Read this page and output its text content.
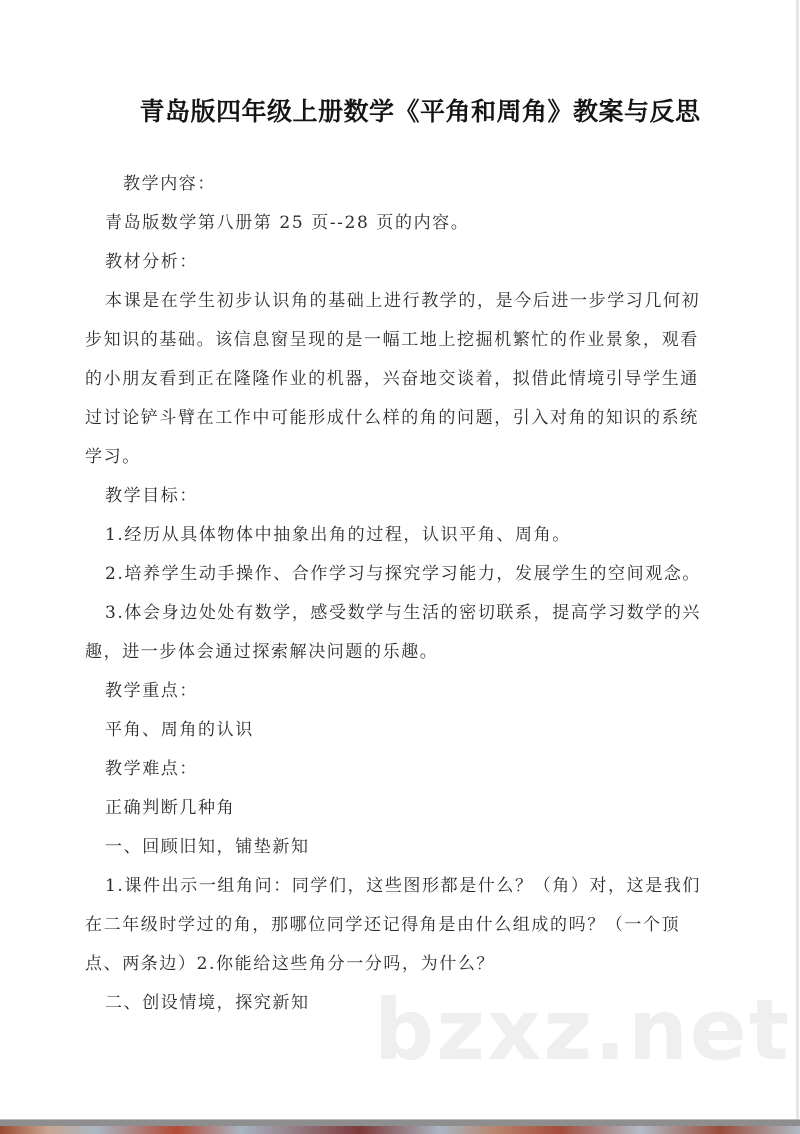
青岛版四年级上册数学《平角和周角》教案与反思
教学内容：
青岛版数学第八册第 25 页--28 页的内容。
教材分析：
本课是在学生初步认识角的基础上进行教学的，是今后进一步学习几何初
步知识的基础。该信息窗呈现的是一幅工地上挖掘机繁忙的作业景象，观看
的小朋友看到正在隆隆作业的机器，兴奋地交谈着，拟借此情境引导学生通
过讨论铲斗臂在工作中可能形成什么样的角的问题，引入对角的知识的系统
学习。
教学目标：
1.经历从具体物体中抽象出角的过程，认识平角、周角。
2.培养学生动手操作、合作学习与探究学习能力，发展学生的空间观念。
3.体会身边处处有数学，感受数学与生活的密切联系，提高学习数学的兴
趣，进一步体会通过探索解决问题的乐趣。
教学重点：
平角、周角的认识
教学难点：
正确判断几种角
一、回顾旧知，铺垫新知
1.课件出示一组角问：同学们，这些图形都是什么？（角）对，这是我们
在二年级时学过的角，那哪位同学还记得角是由什么组成的吗？（一个顶
点、两条边）2.你能给这些角分一分吗，为什么？
二、创设情境，探究新知 bzxz.net
